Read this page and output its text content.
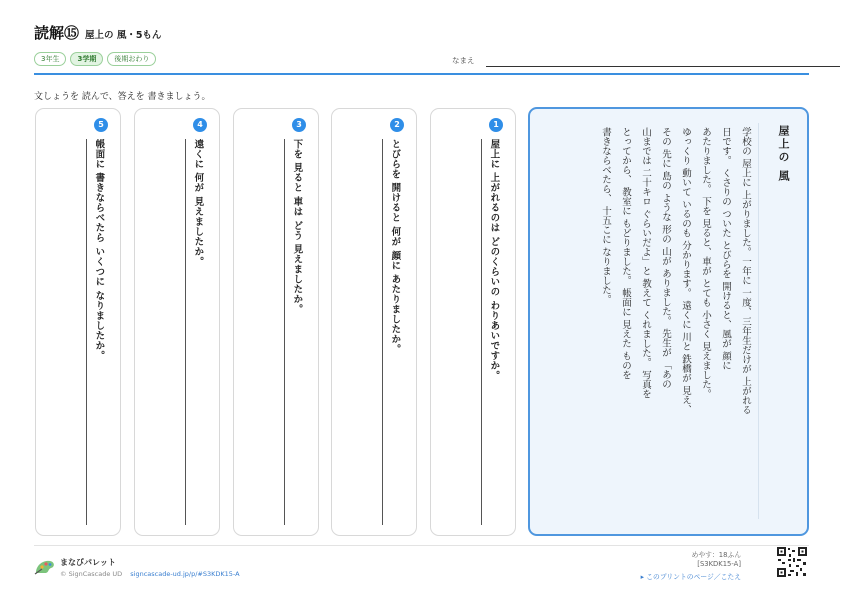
読解⑮ 屋上の 風・5もん
3年生	3学期	後期おわり	なまえ
文しょうを 読んで、答えを 書きましょう。
5
帳面に 書きならべたら いくつに なりましたか。
4
遠くに 何が 見えましたか。
3
下を 見ると 車は どう 見えましたか。
2
とびらを 開けると 何が 顔に あたりましたか。
1
屋上に 上がれるのは どのくらいの わりあいですか。	屋上の 風

学校の 屋上に 上がりました。一年に 一度、三年生だけが 上がれる

日です。 くさりの ついた とびらを 開けると、風が 顔に

あたりました。 下を 見ると、車が とても 小さく 見えました。

ゆっくり 動いて いるのも 分かります。 遠くに 川と 鉄橋が 見え、

その 先に 島の ような 形の 山が ありました。 先生が 「あの

山までは 二十キロ ぐらいだよ」と 教えて くれました。 写真を

とってから、 教室に もどりました。 帳面に 見えた ものを

書きならべたら、 十五こに なりました。

まなびパレット
© SignCascade UD signcascade-ud.jp/p/#S3KDK15-A
めやす：18ふん
[S3KDK15-A]
▸ このプリントのページ／こたえ
